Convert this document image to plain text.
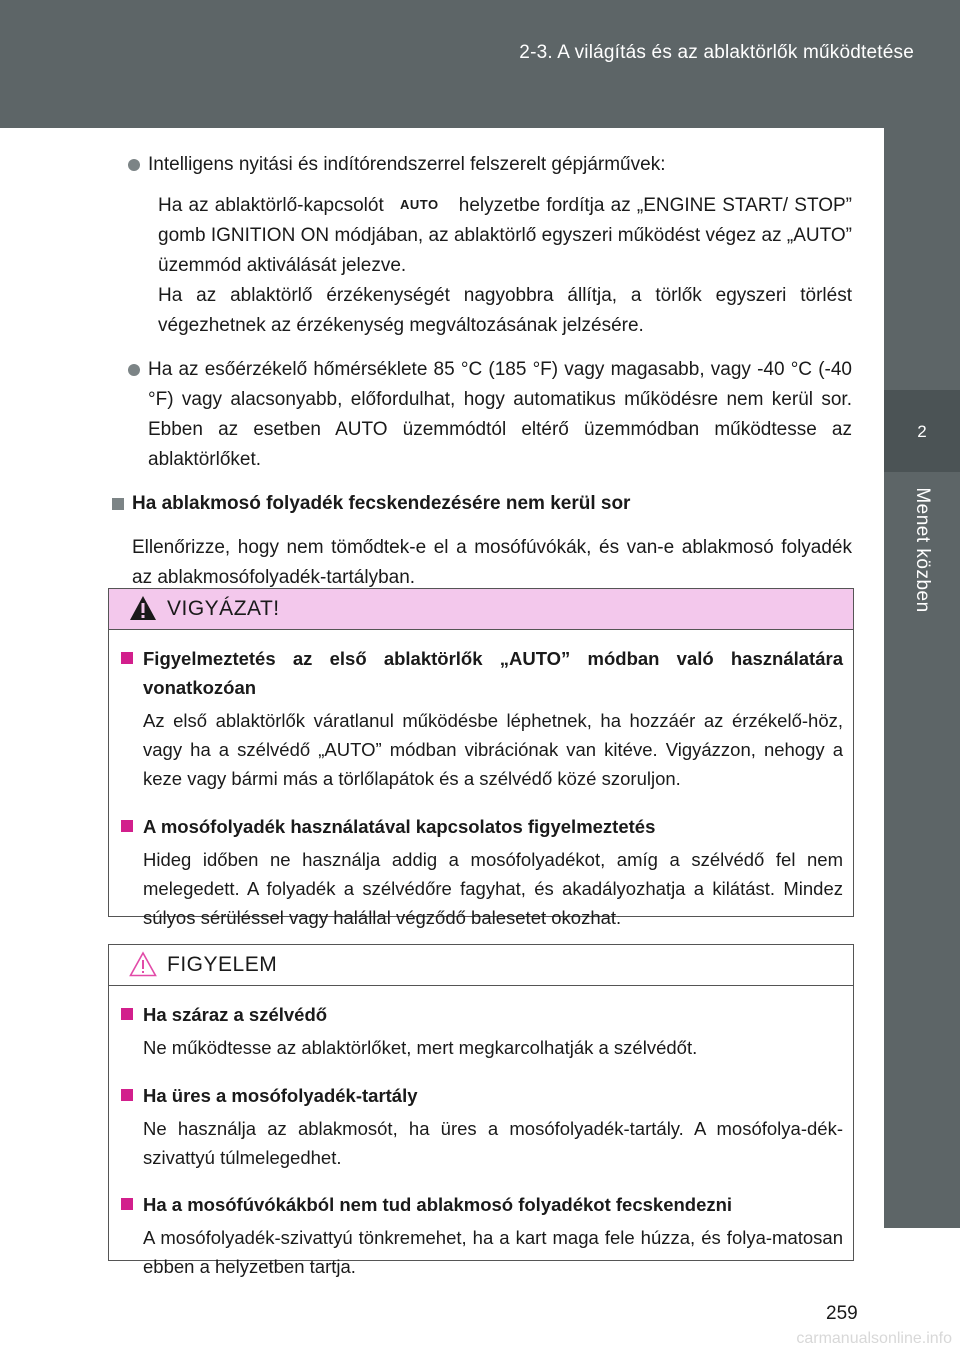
2-3. A világítás és az ablaktörlők működtetése
2
Menet közben

Intelligens nyitási és indítórendszerrel felszerelt gépjárművek:

Ha az ablaktörlő-kapcsolót AUTO helyzetbe fordítja az „ENGINE START/ STOP” gomb IGNITION ON módjában, az ablaktörlő egyszeri működést végez az „AUTO” üzemmód aktiválását jelezve.

Ha az ablaktörlő érzékenységét nagyobbra állítja, a törlők egyszeri törlést végezhetnek az érzékenység megváltozásának jelzésére.

Ha az esőérzékelő hőmérséklete 85 °C (185 °F) vagy magasabb, vagy -40 °C (-40 °F) vagy alacsonyabb, előfordulhat, hogy automatikus működésre nem kerül sor. Ebben az esetben AUTO üzemmódtól eltérő üzemmódban működtesse az ablaktörlőket.

Ha ablakmosó folyadék fecskendezésére nem kerül sor

Ellenőrizze, hogy nem tömődtek-e el a mosófúvókák, és van-e ablakmosó folyadék az ablakmosófolyadék-tartályban.

VIGYÁZAT!
Figyelmeztetés az első ablaktörlők „AUTO” módban való használatára vonatkozóan

Az első ablaktörlők váratlanul működésbe léphetnek, ha hozzáér az érzékelő-höz, vagy ha a szélvédő „AUTO” módban vibrációnak van kitéve. Vigyázzon, nehogy a keze vagy bármi más a törlőlapátok és a szélvédő közé szoruljon.

A mosófolyadék használatával kapcsolatos figyelmeztetés

Hideg időben ne használja addig a mosófolyadékot, amíg a szélvédő fel nem melegedett. A folyadék a szélvédőre fagyhat, és akadályozhatja a kilátást. Mindez súlyos sérüléssel vagy halállal végződő balesetet okozhat.

FIGYELEM
Ha száraz a szélvédő

Ne működtesse az ablaktörlőket, mert megkarcolhatják a szélvédőt.

Ha üres a mosófolyadék-tartály

Ne használja az ablakmosót, ha üres a mosófolyadék-tartály. A mosófolya-dék-szivattyú túlmelegedhet.

Ha a mosófúvókákból nem tud ablakmosó folyadékot fecskendezni

A mosófolyadék-szivattyú tönkremehet, ha a kart maga fele húzza, és folya-matosan ebben a helyzetben tartja.

259
carmanualsonline.info
